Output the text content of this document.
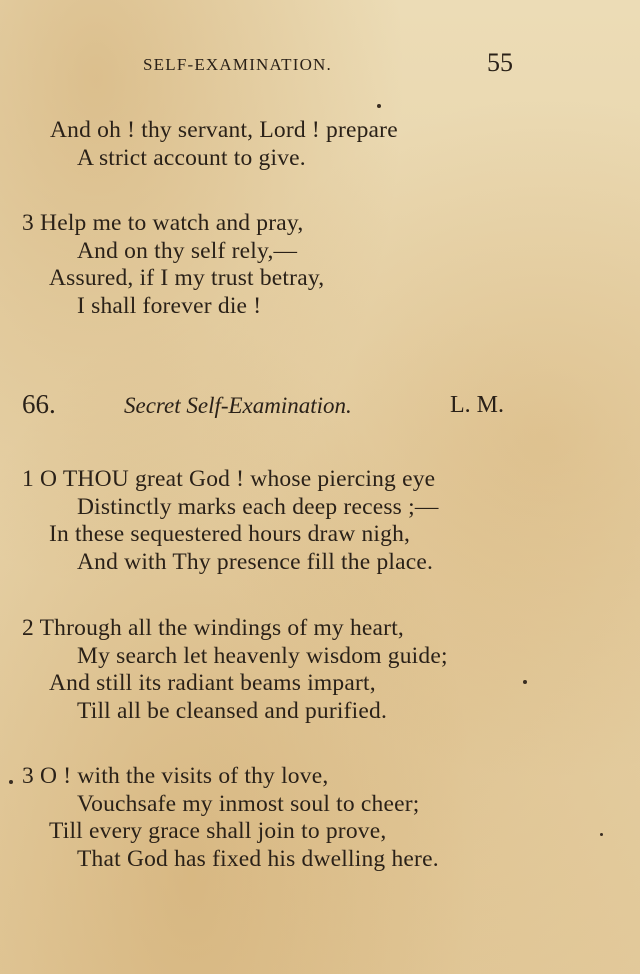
SELF-EXAMINATION.	55
And oh ! thy servant, Lord ! prepare
A strict account to give.
3 Help me to watch and pray,
And on thy self rely,—
Assured, if I my trust betray,
I shall forever die !
66.	Secret Self-Examination.	L. M.
1 O THOU great God ! whose piercing eye
Distinctly marks each deep recess ;—
In these sequestered hours draw nigh,
And with Thy presence fill the place.
2 Through all the windings of my heart,
My search let heavenly wisdom guide;
And still its radiant beams impart,
Till all be cleansed and purified.
3 O ! with the visits of thy love,
Vouchsafe my inmost soul to cheer;
Till every grace shall join to prove,
That God has fixed his dwelling here.
